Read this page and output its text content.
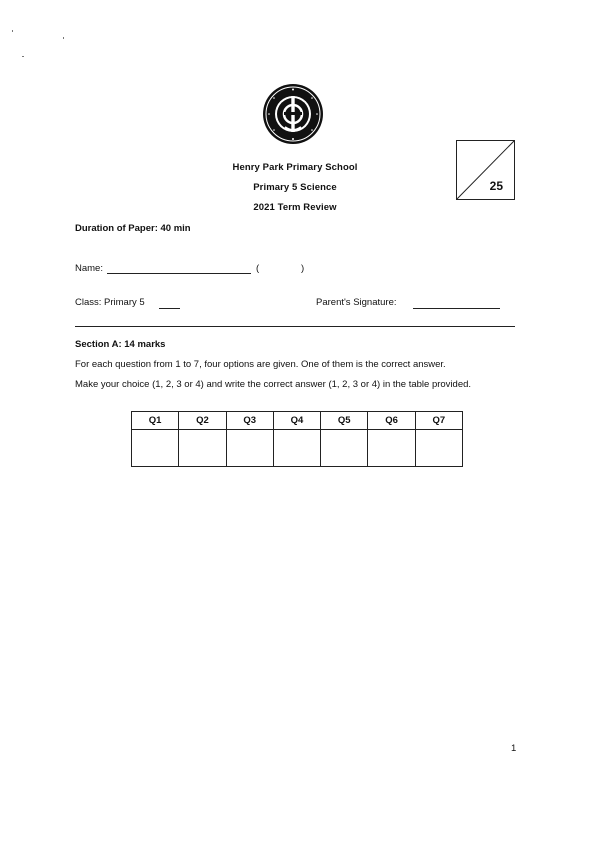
Henry Park Primary School
Primary 5 Science
2021 Term Review
25
Duration of Paper: 40 min
Name:	(	)
Class: Primary 5	Parent's Signature:
Section A: 14 marks
For each question from 1 to 7, four options are given. One of them is the correct answer.
Make your choice (1, 2, 3 or 4) and write the correct answer (1, 2, 3 or 4) in the table provided.
Q1	Q2	Q3	Q4	Q5	Q6	Q7

1
